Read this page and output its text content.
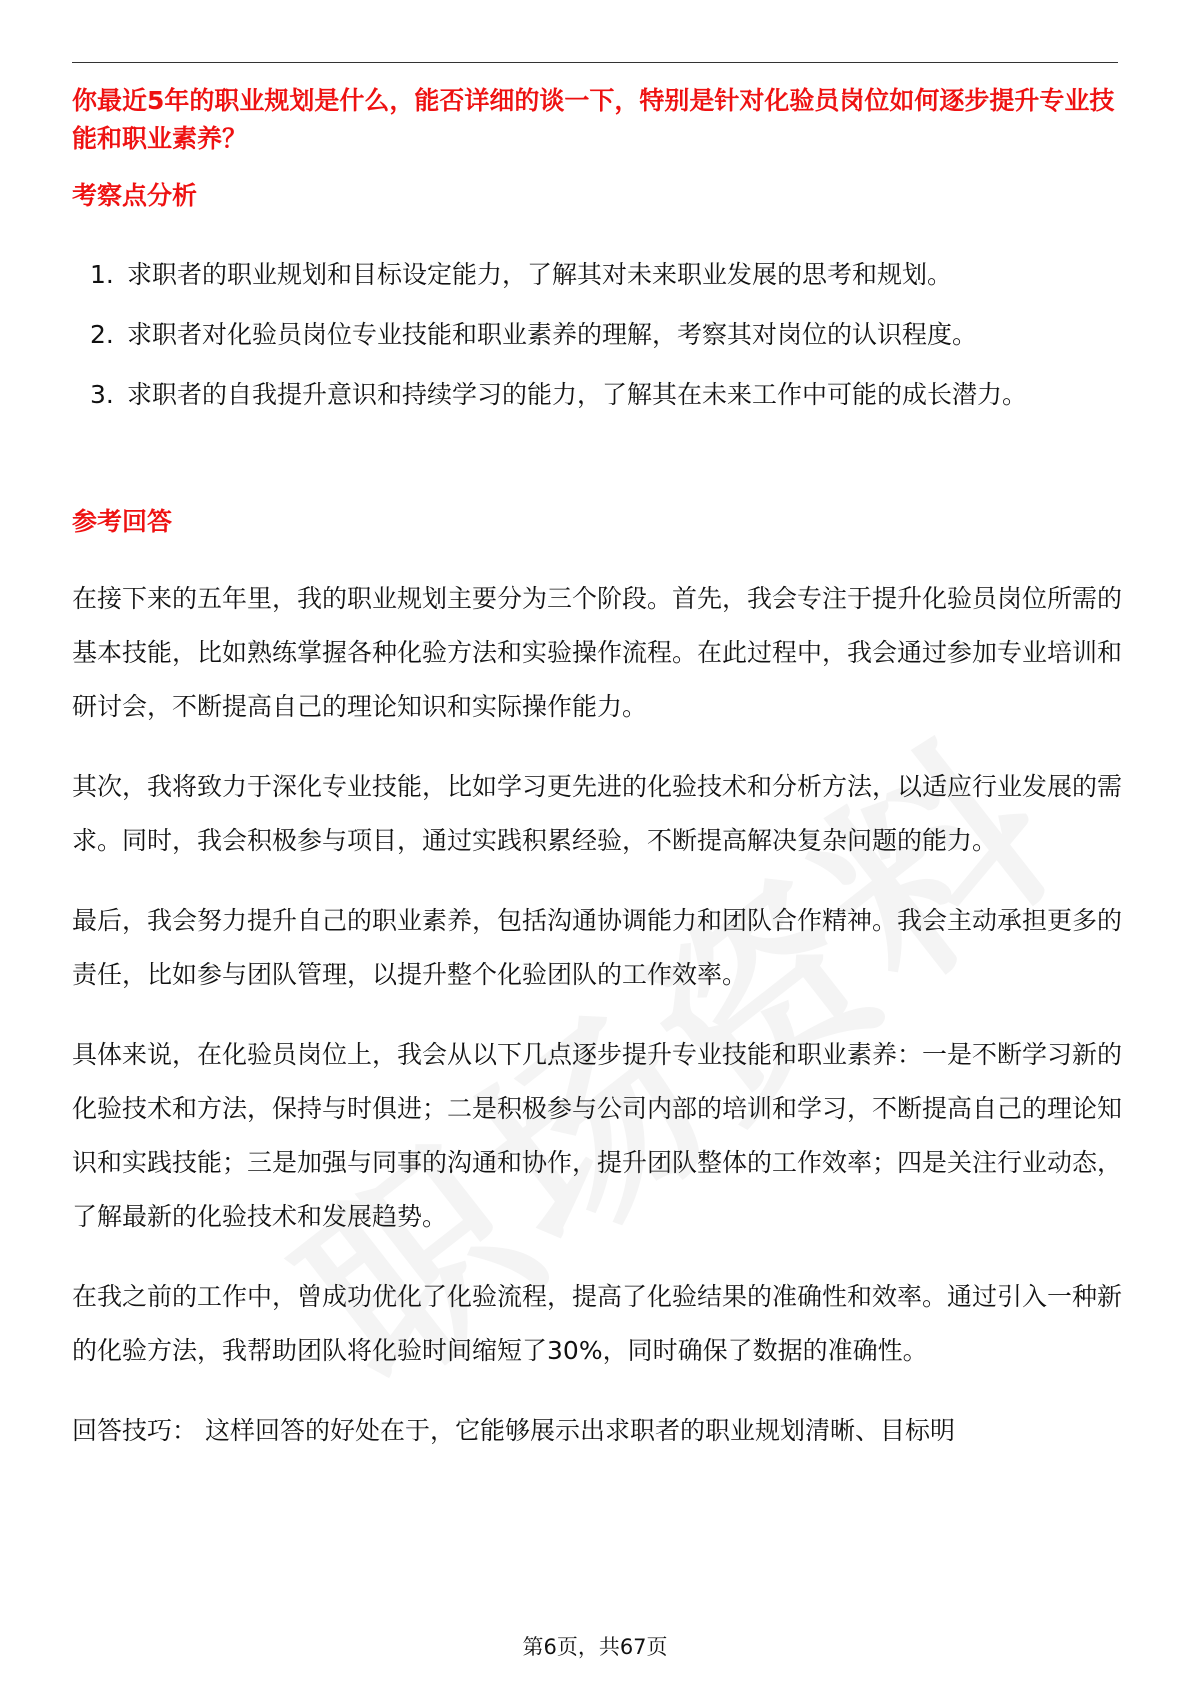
你最近5年的职业规划是什么，能否详细的谈一下，特别是针对化验员岗位如何逐步提升专业技能和职业素养？
考察点分析
1. 求职者的职业规划和目标设定能力，了解其对未来职业发展的思考和规划。
2. 求职者对化验员岗位专业技能和职业素养的理解，考察其对岗位的认识程度。
3. 求职者的自我提升意识和持续学习的能力，了解其在未来工作中可能的成长潜力。
参考回答

在接下来的五年里，我的职业规划主要分为三个阶段。首先，我会专注于提升化验员岗位所需的基本技能，比如熟练掌握各种化验方法和实验操作流程。在此过程中，我会通过参加专业培训和研讨会，不断提高自己的理论知识和实际操作能力。

其次，我将致力于深化专业技能，比如学习更先进的化验技术和分析方法，以适应行业发展的需求。同时，我会积极参与项目，通过实践积累经验，不断提高解决复杂问题的能力。

最后，我会努力提升自己的职业素养，包括沟通协调能力和团队合作精神。我会主动承担更多的责任，比如参与团队管理，以提升整个化验团队的工作效率。

具体来说，在化验员岗位上，我会从以下几点逐步提升专业技能和职业素养：一是不断学习新的化验技术和方法，保持与时俱进；二是积极参与公司内部的培训和学习，不断提高自己的理论知识和实践技能；三是加强与同事的沟通和协作，提升团队整体的工作效率；四是关注行业动态，了解最新的化验技术和发展趋势。

在我之前的工作中，曾成功优化了化验流程，提高了化验结果的准确性和效率。通过引入一种新的化验方法，我帮助团队将化验时间缩短了30%，同时确保了数据的准确性。

回答技巧： 这样回答的好处在于，它能够展示出求职者的职业规划清晰、目标明

第6页，共67页
